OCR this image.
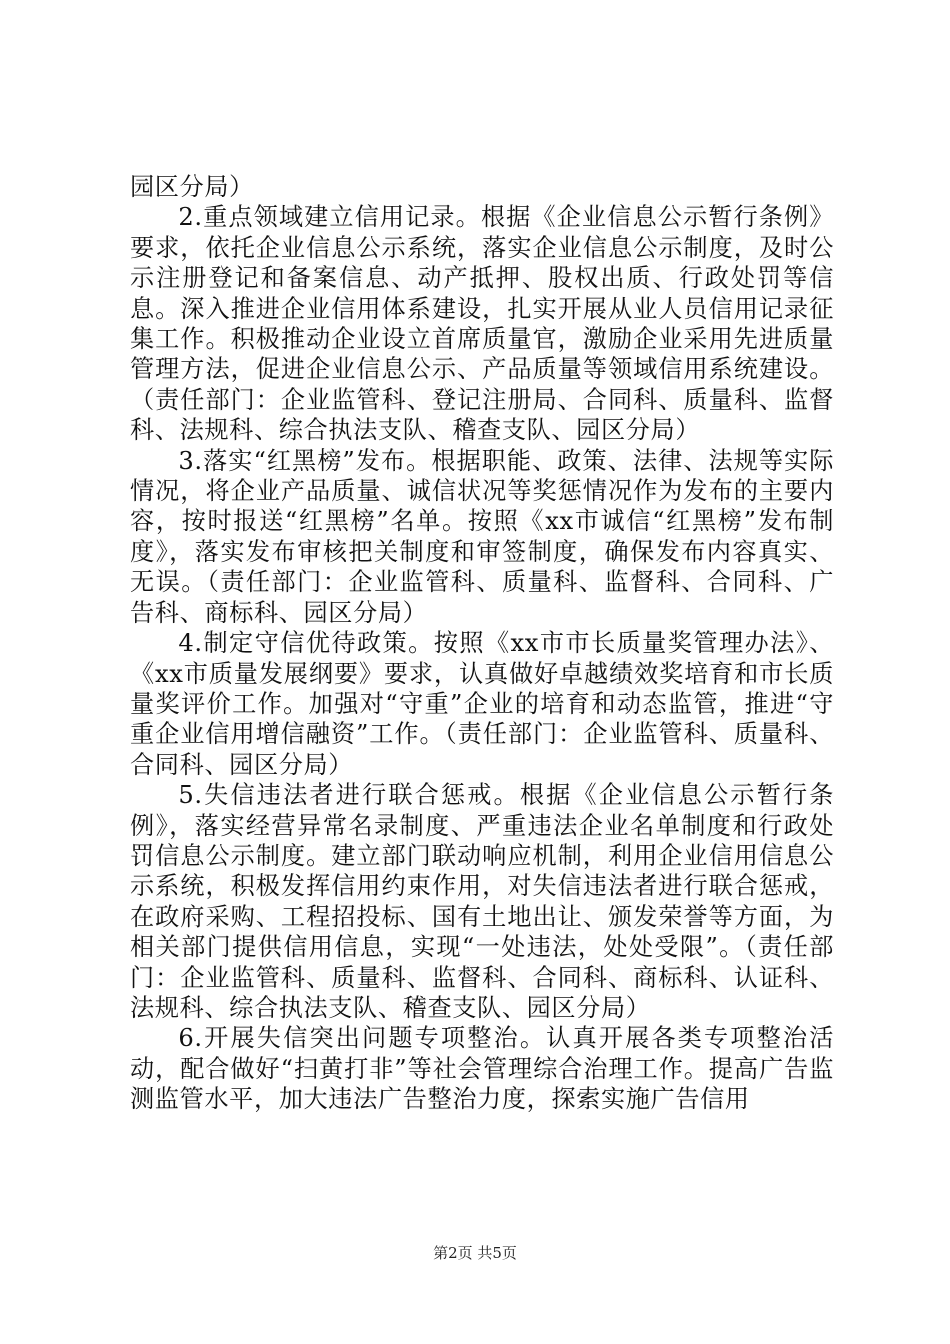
园区分局）

2.重点领域建立信用记录。根据《企业信息公示暂行条例》要求，依托企业信息公示系统，落实企业信息公示制度，及时公示注册登记和备案信息、动产抵押、股权出质、行政处罚等信息。深入推进企业信用体系建设，扎实开展从业人员信用记录征集工作。积极推动企业设立首席质量官，激励企业采用先进质量管理方法，促进企业信息公示、产品质量等领域信用系统建设。（责任部门：企业监管科、登记注册局、合同科、质量科、监督科、法规科、综合执法支队、稽查支队、园区分局）

3.落实“红黑榜”发布。根据职能、政策、法律、法规等实际情况，将企业产品质量、诚信状况等奖惩情况作为发布的主要内容，按时报送“红黑榜”名单。按照《xx市诚信“红黑榜”发布制度》，落实发布审核把关制度和审签制度，确保发布内容真实、无误。（责任部门：企业监管科、质量科、监督科、合同科、广告科、商标科、园区分局）

4.制定守信优待政策。按照《xx市市长质量奖管理办法》、《xx市质量发展纲要》要求，认真做好卓越绩效奖培育和市长质量奖评价工作。加强对“守重”企业的培育和动态监管，推进“守重企业信用增信融资”工作。（责任部门：企业监管科、质量科、合同科、园区分局）

5.失信违法者进行联合惩戒。根据《企业信息公示暂行条例》，落实经营异常名录制度、严重违法企业名单制度和行政处罚信息公示制度。建立部门联动响应机制，利用企业信用信息公示系统，积极发挥信用约束作用，对失信违法者进行联合惩戒，在政府采购、工程招投标、国有土地出让、颁发荣誉等方面，为相关部门提供信用信息，实现“一处违法，处处受限”。（责任部门：企业监管科、质量科、监督科、合同科、商标科、认证科、法规科、综合执法支队、稽查支队、园区分局）

6.开展失信突出问题专项整治。认真开展各类专项整治活动，配合做好“扫黄打非”等社会管理综合治理工作。提高广告监测监管水平，加大违法广告整治力度，探索实施广告信用

第2页 共5页
